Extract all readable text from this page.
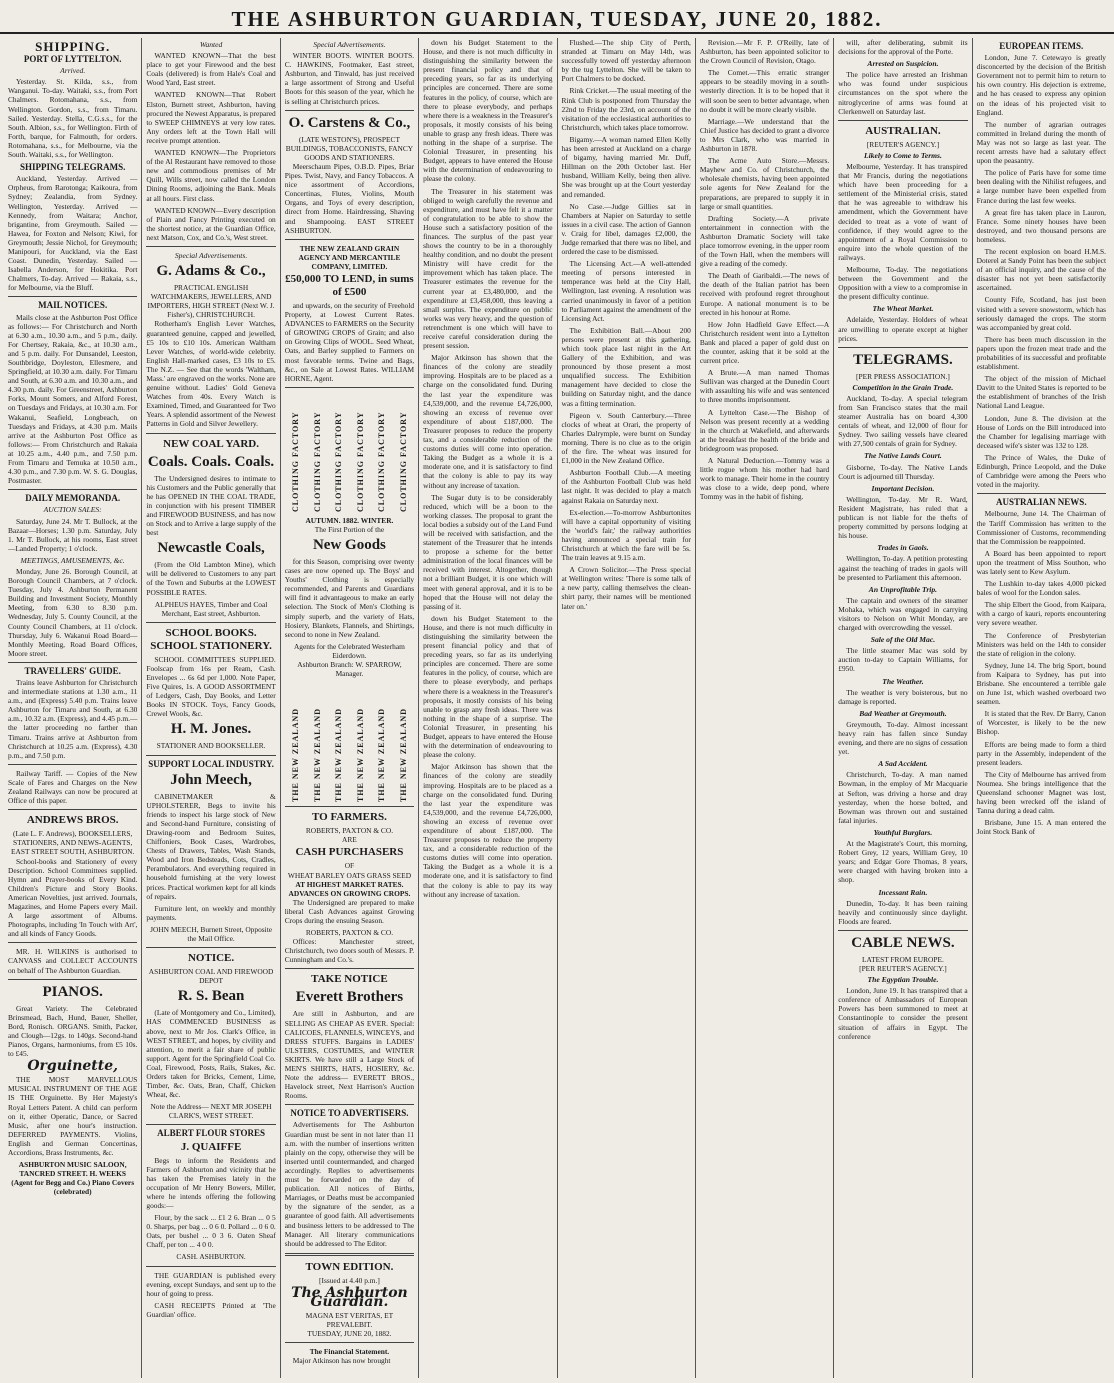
THE ASHBURTON GUARDIAN, TUESDAY, JUNE 20, 1882.
SHIPPING.
PORT OF LYTTELTON.
Arrived.
Yesterday. St. Kilda, s.s., from Wanganui. To-day. Waitaki, s.s., from Port Chalmers. Rotomahana, s.s., from Wellington. Gordon, s.s., from Timaru. Sailed. Yesterday. Stella, C.G.s.s., for the South. Albion, s.s., for Wellington. Firth of Forth, barque, for Falmouth, for orders. Rotomahana, s.s., for Melbourne, via the South. Waitaki, s.s., for Wellington.
SHIPPING TELEGRAMS.
Auckland, Yesterday. Arrived — Orpheus, from Rarotonga; Kaikoura, from Sydney; Zealandia, from Sydney. Wellington, Yesterday. Arrived — Kennedy, from Waitara; Anchor, brigantine, from Greymouth. Sailed — Hawea, for Foxton and Nelson; Kiwi, for Greymouth; Jessie Nichol, for Greymouth; Manipouri, for Auckland, via the East Coast. Dunedin, Yesterday. Sailed — Isabella Anderson, for Hokitika. Port Chalmers, To-day. Arrived — Rakaia, s.s., for Melbourne, via the Bluff.
MAIL NOTICES.
Mails close at the Ashburton Post Office as follows:— For Christchurch and North at 6.30 a.m., 10.30 a.m., and 5 p.m., daily. For Chertsey, Rakaia, &c., at 10.30 a.m., and 5 p.m. daily. For Dunsandel, Leeston, Southbridge, Doyleston, Ellesmere, and Springfield, at 10.30 a.m. daily. For Timaru and South, at 6.30 a.m. and 10.30 a.m., and 4.30 p.m. daily. For Greenstreet, Ashburton Forks, Mount Somers, and Alford Forest, on Tuesdays and Fridays, at 10.30 a.m. For Wakanui, Seafield, Longbeach, on Tuesdays and Fridays, at 4.30 p.m. Mails arrive at the Ashburton Post Office as follows:— From Christchurch and Rakaia at 10.25 a.m., 4.40 p.m., and 7.50 p.m. From Timaru and Temuka at 10.50 a.m., 4.30 p.m., and 7.30 p.m. W. S. G. Douglas, Postmaster.
DAILY MEMORANDA.
AUCTION SALES:
Saturday, June 24. Mr T. Bullock, at the Bazaar—Horses; 1.30 p.m. Saturday, July 1. Mr T. Bullock, at his rooms, East street—Landed Property; 1 o'clock.
MEETINGS, AMUSEMENTS, &c.
Monday, June 26. Borough Council, at Borough Council Chambers, at 7 o'clock. Tuesday, July 4. Ashburton Permanent Building and Investment Society, Monthly Meeting, from 6.30 to 8.30 p.m. Wednesday, July 5. County Council, at the County Council Chambers, at 11 o'clock. Thursday, July 6. Wakanui Road Board—Monthly Meeting, Road Board Offices, Moore street.
TRAVELLERS' GUIDE.
Trains leave Ashburton for Christchurch and intermediate stations at 1.30 a.m., 11 a.m., and (Express) 5.40 p.m. Trains leave Ashburton for Timaru and South, at 6.30 a.m., 10.32 a.m. (Express), and 4.45 p.m.—the latter proceeding no farther than Timaru. Trains arrive at Ashburton from Christchurch at 10.25 a.m. (Express), 4.30 p.m., and 7.50 p.m.
Railway Tariff. — Copies of the New Scale of Fares and Charges on the New Zealand Railways can now be procured at Office of this paper.
ANDREWS BROS.
(Late L. F. Andrews), BOOKSELLERS, STATIONERS, AND NEWS-AGENTS, EAST STREET SOUTH, ASHBURTON.
School-books and Stationery of every Description. School Committees supplied. Hymn and Prayer-books of Every Kind. Children's Picture and Story Books. American Novelties, just arrived. Journals, Magazines, and Home Papers every Mail. A large assortment of Albums. Photographs, including 'In Touch with Art', and all kinds of Fancy Goods.
MR. H. WILKINS is authorised to CANVASS and COLLECT ACCOUNTS on behalf of The Ashburton Guardian.
PIANOS.
Great Variety. The Celebrated Brinsmead, Bach, Hund, Bauer, Sheller, Bord, Ronisch. ORGANS. Smith, Packer, and Clough—12gs. to 140gs. Second-hand Pianos, Organs, harmoniums, from £5 10s. to £45.
Orguinette,
THE MOST MARVELLOUS MUSICAL INSTRUMENT OF THE AGE IS THE Orguinette. By Her Majesty's Royal Letters Patent. A child can perform on it, either Operatic, Dance, or Sacred Music, after one hour's instruction. DEFERRED PAYMENTS. Violins, English and German Concertinas, Accordions, Brass Instruments, &c.
ASHBURTON MUSIC SALOON, TANCRED STREET. H. WEEKS (Agent for Begg and Co.) Piano Covers (celebrated)
Wanted
WANTED KNOWN—That the best place to get your Firewood and the best Coals (delivered) is from Hale's Coal and Wood Yard, East street.
WANTED KNOWN—That Robert Elston, Burnett street, Ashburton, having procured the Newest Apparatus, is prepared to SWEEP CHIMNEYS at very low rates. Any orders left at the Town Hall will receive prompt attention.
WANTED KNOWN—The Proprietors of the Al Restaurant have removed to those new and commodious premises of Mr Quill, Wills street, now called the London Dining Rooms, adjoining the Bank. Meals at all hours. First class.
WANTED KNOWN—Every description of Plain and Fancy Printing executed on the shortest notice, at the Guardian Office, next Matson, Cox, and Co.'s, West street.
Special Advertisements.
G. Adams & Co.,
PRACTICAL ENGLISH WATCHMAKERS, JEWELLERS, AND IMPORTERS, HIGH STREET (Next W. J. Fisher's), CHRISTCHURCH.
Rotherham's English Lever Watches, guaranteed genuine, capped and jewelled, £5 10s to £10 10s. American Waltham Lever Watches, of world-wide celebrity. English Hall-marked cases, £3 10s to £5. The N.Z. — See that the words 'Waltham, Mass.' are engraved on the works. None are genuine without. Ladies' Gold Geneva Watches from 40s. Every Watch is Examined, Timed, and Guaranteed for Two Years. A splendid assortment of the Newest Patterns in Gold and Silver Jewellery.
NEW COAL YARD.
Coals. Coals. Coals.
The Undersigned desires to intimate to his Customers and the Public generally that he has OPENED IN THE COAL TRADE, in conjunction with his present TIMBER and FIREWOOD BUSINESS, and has now on Stock and to Arrive a large supply of the best
Newcastle Coals,
(From the Old Lambton Mine), which will be delivered to Customers to any part of the Town and Suburbs at the LOWEST POSSIBLE RATES.
ALPHEUS HAYES, Timber and Coal Merchant, East street, Ashburton.
SCHOOL BOOKS. SCHOOL STATIONERY.
SCHOOL COMMITTEES SUPPLIED. Foolscap from 16s per Ream, Cash. Envelopes ... 6s 6d per 1,000. Note Paper, Five Quires, 1s. A GOOD ASSORTMENT of Ledgers, Cash, Day Books, and Letter Books IN STOCK. Toys, Fancy Goods, Crewel Wools, &c.
H. M. Jones.
STATIONER AND BOOKSELLER.
SUPPORT LOCAL INDUSTRY.
John Meech,
CABINETMAKER & UPHOLSTERER, Begs to invite his friends to inspect his large stock of New and Second-hand Furniture, consisting of Drawing-room and Bedroom Suites, Chiffoniers, Book Cases, Wardrobes, Chests of Drawers, Tables, Wash Stands, Wood and Iron Bedsteads, Cots, Cradles, Perambulators. And everything required in household furnishing at the very lowest prices. Practical workmen kept for all kinds of repairs.
Furniture lent, on weekly and monthly payments.
JOHN MEECH, Burnett Street, Opposite the Mail Office.
NOTICE.
ASHBURTON COAL AND FIREWOOD DEPOT
R. S. Bean
(Late of Montgomery and Co., Limited), HAS COMMENCED BUSINESS as above, next to Mr Jos. Clark's Office, in WEST STREET, and hopes, by civility and attention, to merit a fair share of public support. Agent for the Springfield Coal Co. Coal, Firewood, Posts, Rails, Stakes, &c. Orders taken for Bricks, Cement, Lime, Timber, &c. Oats, Bran, Chaff, Chicken Wheat, &c.
Note the Address— NEXT MR JOSEPH CLARK'S, WEST STREET.
ALBERT FLOUR STORES
J. QUAIFFE
Begs to inform the Residents and Farmers of Ashburton and vicinity that he has taken the Premises lately in the occupation of Mr Henry Bowers, Miller, where he intends offering the following goods:—
Flour, by the sack ... £1 2 6. Bran ... 0 5 0. Sharps, per bag ... 0 6 0. Pollard ... 0 6 0. Oats, per bushel ... 0 3 6. Oaten Sheaf Chaff, per ton ... 4 0 0.
CASH. ASHBURTON.
THE GUARDIAN is published every evening, except Sundays, and sent up to the hour of going to press.
CASH RECEIPTS Printed at 'The Guardian' office.
Special Advertisements.
WINTER BOOTS. WINTER BOOTS. C. HAWKINS, Footmaker, East street, Ashburton, and Tinwald, has just received a large assortment of Strong and Useful Boots for this season of the year, which he is selling at Christchurch prices.
O. Carstens & Co.,
(LATE WESTON'S), PROSPECT BUILDINGS, TOBACCONISTS, FANCY GOODS AND STATIONERS.
Meerschaum Pipes, O.B.D. Pipes, Briar Pipes. Twist, Navy, and Fancy Tobaccos. A nice assortment of Accordions, Concertinas, Flutes, Violins, Mouth Organs, and Toys of every description, direct from Home. Hairdressing, Shaving and Shampooing. EAST STREET ASHBURTON.
THE NEW ZEALAND GRAIN AGENCY AND MERCANTILE COMPANY, LIMITED.
£50,000 TO LEND, in sums of £500
and upwards, on the security of Freehold Property, at Lowest Current Rates. ADVANCES to FARMERS on the Security of GROWING CROPS of Grain; and also on Growing Clips of WOOL. Seed Wheat, Oats, and Barley supplied to Farmers on most favorable terms. Twine and Bags, &c., on Sale at Lowest Rates. WILLIAM HORNE, Agent.
CLOTHING FACTORY CLOTHING FACTORY CLOTHING FACTORY CLOTHING FACTORY CLOTHING FACTORY CLOTHING FACTORY
AUTUMN. 1882. WINTER.
The First Portion of the
New Goods
for this Season, comprising over twenty cases are now opened up. The Boys' and Youths' Clothing is especially recommended, and Parents and Guardians will find it advantageous to make an early selection. The Stock of Men's Clothing is simply superb, and the variety of Hats, Hosiery, Blankets, Flannels, and Shirtings, second to none in New Zealand.
Agents for the Celebrated Westerham Eiderdown.
Ashburton Branch: W. SPARROW, Manager.
THE NEW ZEALAND THE NEW ZEALAND THE NEW ZEALAND THE NEW ZEALAND THE NEW ZEALAND THE NEW ZEALAND
TO FARMERS.
ROBERTS, PAXTON & CO.
ARE
CASH PURCHASERS
OF
WHEAT BARLEY OATS GRASS SEED
AT HIGHEST MARKET RATES.
ADVANCES ON GROWING CROPS.
The Undersigned are prepared to make liberal Cash Advances against Growing Crops during the ensuing Season.
ROBERTS, PAXTON & CO.
Offices: Manchester street, Christchurch, two doors south of Messrs. P. Cunningham and Co.'s.
TAKE NOTICE
Everett Brothers
Are still in Ashburton, and are SELLING AS CHEAP AS EVER. Special: CALICOES, FLANNELS, WINCEYS, and DRESS STUFFS. Bargains in LADIES' ULSTERS, COSTUMES, and WINTER SKIRTS. We have still a Large Stock of MEN'S SHIRTS, HATS, HOSIERY, &c. Note the address— EVERETT BROS., Havelock street, Next Harrison's Auction Rooms.
NOTICE TO ADVERTISERS.
Advertisements for The Ashburton Guardian must be sent in not later than 11 a.m. with the number of insertions written plainly on the copy, otherwise they will be inserted until countermanded, and charged accordingly. Replies to advertisements must be forwarded on the day of publication. All notices of Births, Marriages, or Deaths must be accompanied by the signature of the sender, as a guarantee of good faith. All advertisements and business letters to be addressed to The Manager. All literary communications should be addressed to The Editor.
TOWN EDITION.
[Issued at 4.40 p.m.]
The Ashburton Guardian.
MAGNA EST VERITAS, ET PREVALEBIT.
TUESDAY, JUNE 20, 1882.
The Financial Statement.
Major Atkinson has now brought
down his Budget Statement to the House, and there is not much difficulty in distinguishing the similarity between the present financial policy and that of preceding years, so far as its underlying principles are concerned. There are some features in the policy, of course, which are there to please everybody, and perhaps where there is a weakness in the Treasurer's proposals, it mostly consists of his being unable to grasp any fresh ideas. There was nothing in the shape of a surprise. The Colonial Treasurer, in presenting his Budget, appears to have entered the House with the determination of endeavouring to please the colony.
The Treasurer in his statement was obliged to weigh carefully the revenue and expenditure, and must have felt it a matter of congratulation to be able to show the House such a satisfactory position of the finances. The surplus of the past year shows the country to be in a thoroughly healthy condition, and no doubt the present Ministry will have credit for the improvement which has taken place. The Treasurer estimates the revenue for the current year at £3,480,000, and the expenditure at £3,458,000, thus leaving a small surplus. The expenditure on public works was very heavy, and the question of retrenchment is one which will have to receive careful consideration during the present session.
Major Atkinson has shown that the finances of the colony are steadily improving. Hospitals are to be placed as a charge on the consolidated fund. During the last year the expenditure was £4,539,000, and the revenue £4,726,000, showing an excess of revenue over expenditure of about £187,000. The Treasurer proposes to reduce the property tax, and a considerable reduction of the customs duties will come into operation. Taking the Budget as a whole it is a moderate one, and it is satisfactory to find that the colony is able to pay its way without any increase of taxation.
The Sugar duty is to be considerably reduced, which will be a boon to the working classes. The proposal to grant the local bodies a subsidy out of the Land Fund will be received with satisfaction, and the statement of the Treasurer that he intends to propose a scheme for the better administration of the local finances will be received with interest. Altogether, though not a brilliant Budget, it is one which will meet with general approval, and it is to be hoped that the House will not delay the passing of it.
down his Budget Statement to the House, and there is not much difficulty in distinguishing the similarity between the present financial policy and that of preceding years, so far as its underlying principles are concerned. There are some features in the policy, of course, which are there to please everybody, and perhaps where there is a weakness in the Treasurer's proposals, it mostly consists of his being unable to grasp any fresh ideas. There was nothing in the shape of a surprise. The Colonial Treasurer, in presenting his Budget, appears to have entered the House with the determination of endeavouring to please the colony.
Major Atkinson has shown that the finances of the colony are steadily improving. Hospitals are to be placed as a charge on the consolidated fund. During the last year the expenditure was £4,539,000, and the revenue £4,726,000, showing an excess of revenue over expenditure of about £187,000. The Treasurer proposes to reduce the property tax, and a considerable reduction of the customs duties will come into operation. Taking the Budget as a whole it is a moderate one, and it is satisfactory to find that the colony is able to pay its way without any increase of taxation.
Flushed.—The ship City of Perth, stranded at Timaru on May 14th, was successfully towed off yesterday afternoon by the tug Lyttelton. She will be taken to Port Chalmers to be docked.
Rink Cricket.—The usual meeting of the Rink Club is postponed from Thursday the 22nd to Friday the 23rd, on account of the visitation of the ecclesiastical authorities to Christchurch, which takes place tomorrow.
Bigamy.—A woman named Ellen Kelly has been arrested at Auckland on a charge of bigamy, having married Mr. Duff, Hillman on the 20th October last. Her husband, William Kelly, being then alive. She was brought up at the Court yesterday and remanded.
No Case.—Judge Gillies sat in Chambers at Napier on Saturday to settle issues in a civil case. The action of Gannon v. Craig for libel, damages £2,000, the Judge remarked that there was no libel, and ordered the case to be dismissed.
The Licensing Act.—A well-attended meeting of persons interested in temperance was held at the City Hall, Wellington, last evening. A resolution was carried unanimously in favor of a petition to Parliament against the amendment of the Licensing Act.
The Exhibition Ball.—About 200 persons were present at this gathering, which took place last night in the Art Gallery of the Exhibition, and was pronounced by those present a most unqualified success. The Exhibition management have decided to close the building on Saturday night, and the dance was a fitting termination.
Pigeon v. South Canterbury.—Three clocks of wheat at Orari, the property of Charles Dalrymple, were burnt on Sunday morning. There is no clue as to the origin of the fire. The wheat was insured for £1,000 in the New Zealand Office.
Ashburton Football Club.—A meeting of the Ashburton Football Club was held last night. It was decided to play a match against Rakaia on Saturday next.
Ex-election.—To-morrow Ashburtonites will have a capital opportunity of visiting the 'world's fair,' the railway authorities having announced a special train for Christchurch at which the fare will be 5s. The train leaves at 9.15 a.m.
A Crown Solicitor.—The Press special at Wellington writes: 'There is some talk of a new party, calling themselves the clean-shirt party, their names will be mentioned later on.'
Revision.—Mr F. P. O'Reilly, late of Ashburton, has been appointed solicitor to the Crown Council of Revision, Otago.
The Comet.—This erratic stranger appears to be steadily moving in a south-westerly direction. It is to be hoped that it will soon be seen to better advantage, when no doubt it will be more clearly visible.
Marriage.—We understand that the Chief Justice has decided to grant a divorce to Mrs Clark, who was married in Ashburton in 1878.
The Acme Auto Store.—Messrs. Mayhew and Co. of Christchurch, the wholesale chemists, having been appointed sole agents for New Zealand for the preparations, are prepared to supply it in large or small quantities.
Drafting Society.—A private entertainment in connection with the Ashburton Dramatic Society will take place tomorrow evening, in the upper room of the Town Hall, when the members will give a reading of the comedy.
The Death of Garibaldi.—The news of the death of the Italian patriot has been received with profound regret throughout Europe. A national monument is to be erected in his honour at Rome.
How John Hadfield Gave Effect.—A Christchurch resident went into a Lyttelton Bank and placed a paper of gold dust on the counter, asking that it be sold at the current price.
A Brute.—A man named Thomas Sullivan was charged at the Dunedin Court with assaulting his wife and was sentenced to three months imprisonment.
A Lyttelton Case.—The Bishop of Nelson was present recently at a wedding in the church at Wakefield, and afterwards at the breakfast the health of the bride and bridegroom was proposed.
A Natural Deduction.—Tommy was a little rogue whom his mother had hard work to manage. Their home in the country was close to a wide, deep pond, where Tommy was in the habit of fishing.
will, after deliberating, submit its decisions for the approval of the Porte.
Arrested on Suspicion.
The police have arrested an Irishman who was found under suspicious circumstances on the spot where the nitroglycerine of arms was found at Clerkenwell on Saturday last.
AUSTRALIAN.
[REUTER'S AGENCY.]
Likely to Come to Terms.
Melbourne, Yesterday. It has transpired that Mr Francis, during the negotiations which have been proceeding for a settlement of the Ministerial crisis, stated that he was agreeable to withdraw his amendment, which the Government have decided to treat as a vote of want of confidence, if they would agree to the appointment of a Royal Commission to enquire into the whole question of the railways.
Melbourne, To-day. The negotiations between the Government and the Opposition with a view to a compromise in the present difficulty continue.
The Wheat Market.
Adelaide, Yesterday. Holders of wheat are unwilling to operate except at higher prices.
TELEGRAMS.
[PER PRESS ASSOCIATION.]
Competition in the Grain Trade.
Auckland, To-day. A special telegram from San Francisco states that the mail steamer Australia has on board 4,300 centals of wheat, and 12,000 of flour for Sydney. Two sailing vessels have cleared with 27,500 centals of grain for Sydney.
The Native Lands Court.
Gisborne, To-day. The Native Lands Court is adjourned till Thursday.
Important Decision.
Wellington, To-day. Mr R. Ward, Resident Magistrate, has ruled that a publican is not liable for the thefts of property committed by persons lodging at his house.
Trades in Gaols.
Wellington, To-day. A petition protesting against the teaching of trades in gaols will be presented to Parliament this afternoon.
An Unprofitable Trip.
The captain and owners of the steamer Mohaka, which was engaged in carrying visitors to Nelson on Whit Monday, are charged with overcrowding the vessel.
Sale of the Old Mac.
The little steamer Mac was sold by auction to-day to Captain Williams, for £950.
The Weather.
The weather is very boisterous, but no damage is reported.
Bad Weather at Greymouth.
Greymouth, To-day. Almost incessant heavy rain has fallen since Sunday evening, and there are no signs of cessation yet.
A Sad Accident.
Christchurch, To-day. A man named Bowman, in the employ of Mr Macquarie at Sefton, was driving a horse and dray yesterday, when the horse bolted, and Bowman was thrown out and sustained fatal injuries.
Youthful Burglars.
At the Magistrate's Court, this morning, Robert Grey, 12 years, William Grey, 10 years; and Edgar Gore Thomas, 8 years, were charged with having broken into a shop.
Incessant Rain.
Dunedin, To-day. It has been raining heavily and continuously since daylight. Floods are feared.
CABLE NEWS.
LATEST FROM EUROPE.
[PER REUTER'S AGENCY.]
The Egyptian Trouble.
London, June 19. It has transpired that a conference of Ambassadors of European Powers has been summoned to meet at Constantinople to consider the present situation of affairs in Egypt. The conference
EUROPEAN ITEMS.
London, June 7. Cetewayo is greatly disconcerted by the decision of the British Government not to permit him to return to his own country. His dejection is extreme, and he has ceased to express any opinion on the ideas of his projected visit to England.
The number of agrarian outrages committed in Ireland during the month of May was not so large as last year. The recent arrests have had a salutary effect upon the peasantry.
The police of Paris have for some time been dealing with the Nihilist refugees, and a large number have been expelled from France during the last few weeks.
A great fire has taken place in Lauron, France. Some ninety houses have been destroyed, and two thousand persons are homeless.
The recent explosion on board H.M.S. Doterel at Sandy Point has been the subject of an official inquiry, and the cause of the disaster has not yet been satisfactorily ascertained.
County Fife, Scotland, has just been visited with a severe snowstorm, which has seriously damaged the crops. The storm was accompanied by great cold.
There has been much discussion in the papers upon the frozen meat trade and the probabilities of its successful and profitable establishment.
The object of the mission of Michael Davitt to the United States is reported to be the establishment of branches of the Irish National Land League.
London, June 8. The division at the House of Lords on the Bill introduced into the Chamber for legalising marriage with deceased wife's sister was 132 to 128.
The Prince of Wales, the Duke of Edinburgh, Prince Leopold, and the Duke of Cambridge were among the Peers who voted in the majority.
AUSTRALIAN NEWS.
Melbourne, June 14. The Chairman of the Tariff Commission has written to the Commissioner of Customs, recommending that the Commission be reappointed.
A Board has been appointed to report upon the treatment of Miss Southon, who was lately sent to Kew Asylum.
The Lushkin to-day takes 4,000 picked bales of wool for the London sales.
The ship Elbert the Good, from Kaipara, with a cargo of kauri, reports encountering very severe weather.
The Conference of Presbyterian Ministers was held on the 14th to consider the state of religion in the colony.
Sydney, June 14. The brig Sport, bound from Kaipara to Sydney, has put into Brisbane. She encountered a terrible gale on June 1st, which washed overboard two seamen.
It is stated that the Rev. Dr Barry, Canon of Worcester, is likely to be the new Bishop.
Efforts are being made to form a third party in the Assembly, independent of the present leaders.
The City of Melbourne has arrived from Noumea. She brings intelligence that the Queensland schooner Magnet was lost, having been wrecked off the island of Tanna during a dead calm.
Brisbane, June 15. A man entered the Joint Stock Bank of
